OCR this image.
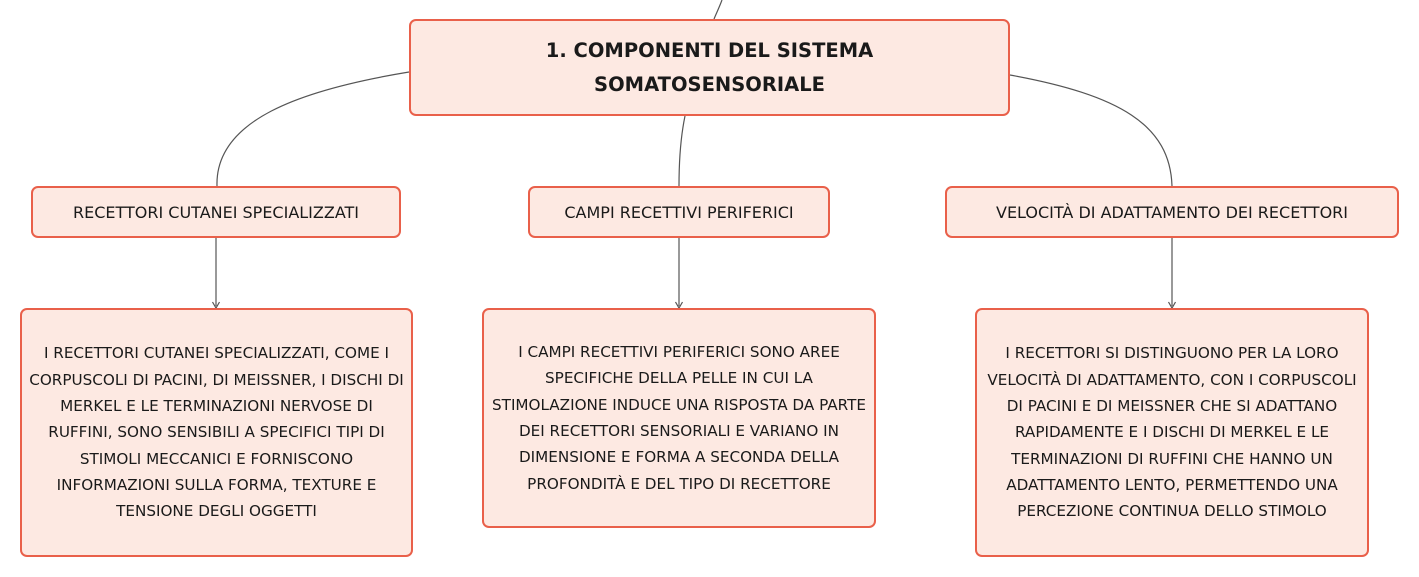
1. COMPONENTI DEL SISTEMA SOMATOSENSORIALE
RECETTORI CUTANEI SPECIALIZZATI	CAMPI RECETTIVI PERIFERICI	VELOCITÀ DI ADATTAMENTO DEI RECETTORI
I RECETTORI CUTANEI SPECIALIZZATI, COME I CORPUSCOLI DI PACINI, DI MEISSNER, I DISCHI DI MERKEL E LE TERMINAZIONI NERVOSE DI RUFFINI, SONO SENSIBILI A SPECIFICI TIPI DI STIMOLI MECCANICI E FORNISCONO INFORMAZIONI SULLA FORMA, TEXTURE E TENSIONE DEGLI OGGETTI
I CAMPI RECETTIVI PERIFERICI SONO AREE SPECIFICHE DELLA PELLE IN CUI LA STIMOLAZIONE INDUCE UNA RISPOSTA DA PARTE DEI RECETTORI SENSORIALI E VARIANO IN DIMENSIONE E FORMA A SECONDA DELLA PROFONDITÀ E DEL TIPO DI RECETTORE
I RECETTORI SI DISTINGUONO PER LA LORO VELOCITÀ DI ADATTAMENTO, CON I CORPUSCOLI DI PACINI E DI MEISSNER CHE SI ADATTANO RAPIDAMENTE E I DISCHI DI MERKEL E LE TERMINAZIONI DI RUFFINI CHE HANNO UN ADATTAMENTO LENTO, PERMETTENDO UNA PERCEZIONE CONTINUA DELLO STIMOLO
